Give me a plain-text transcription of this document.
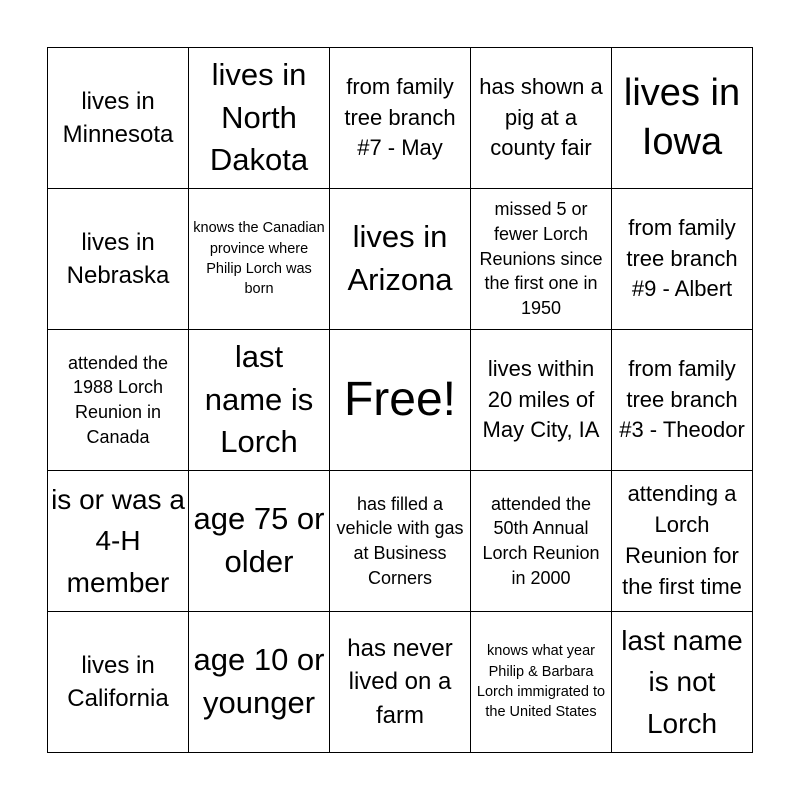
lives in Minnesota
lives in North Dakota
from family tree branch #7 - May
has shown a pig at a county fair
lives in Iowa
lives in Nebraska
knows the Canadian province where Philip Lorch was born
lives in Arizona
missed 5 or fewer Lorch Reunions since the first one in 1950
from family tree branch #9 - Albert
attended the 1988 Lorch Reunion in Canada
last name is Lorch
Free!
lives within 20 miles of May City, IA
from family tree branch #3 - Theodor
is or was a 4-H member
age 75 or older
has filled a vehicle with gas at Business Corners
attended the 50th Annual Lorch Reunion in 2000
attending a Lorch Reunion for the first time
lives in California
age 10 or younger
has never lived on a farm
knows what year Philip & Barbara Lorch immigrated to the United States
last name is not Lorch
